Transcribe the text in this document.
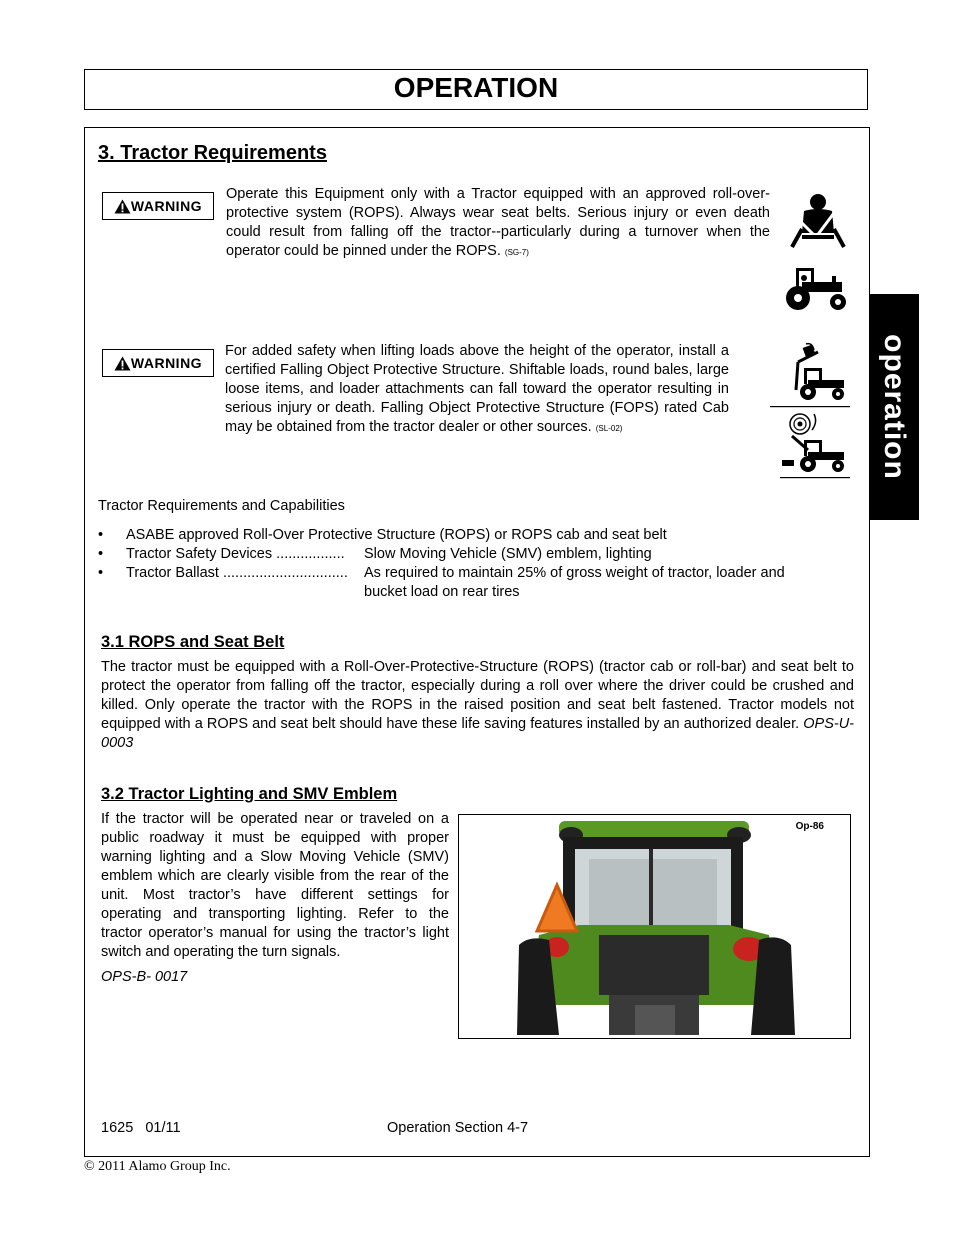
OPERATION
operation
3. Tractor Requirements
WARNING
Operate this Equipment only with a Tractor equipped with an approved roll-over-protective system (ROPS). Always wear seat belts. Serious injury or even death could result from falling off the tractor--particularly during a turnover when the operator could be pinned under the ROPS. (SG-7)
WARNING
For added safety when lifting loads above the height of the operator, install a certified Falling Object Protective Structure. Shiftable loads, round bales, large loose items, and loader attachments can fall toward the operator resulting in serious injury or death. Falling Object Protective Structure (FOPS) rated Cab may be obtained from the tractor dealer or other sources. (SL-02)
Tractor Requirements and Capabilities
•	ASABE approved Roll-Over Protective Structure (ROPS) or ROPS cab and seat belt
•	Tractor Safety Devices .................	Slow Moving Vehicle (SMV) emblem, lighting
•	Tractor Ballast ...............................	As required to maintain 25% of gross weight of tractor, loader and bucket load on rear tires
3.1 ROPS and Seat Belt
The tractor must be equipped with a Roll-Over-Protective-Structure (ROPS) (tractor cab or roll-bar) and seat belt to protect the operator from falling off the tractor, especially during a roll over where the driver could be crushed and killed. Only operate the tractor with the ROPS in the raised position and seat belt fastened. Tractor models not equipped with a ROPS and seat belt should have these life saving features installed by an authorized dealer. OPS-U- 0003
3.2 Tractor Lighting and SMV Emblem
If the tractor will be operated near or traveled on a public roadway it must be equipped with proper warning lighting and a Slow Moving Vehicle (SMV) emblem which are clearly visible from the rear of the unit. Most tractor’s have different settings for operating and transporting lighting. Refer to the tractor operator’s manual for using the tractor’s light switch and operating the turn signals.
OPS-B- 0017
Op-86
1625   01/11	Operation Section 4-7
© 2011 Alamo Group Inc.
